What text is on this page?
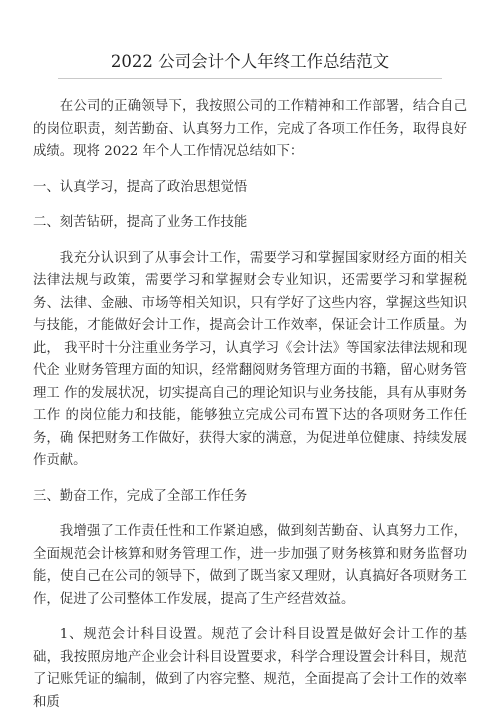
2022 公司会计个人年终工作总结范文

在公司的正确领导下，我按照公司的工作精神和工作部署，结合自己的岗位职责，刻苦勤奋、认真努力工作，完成了各项工作任务，取得良好 成绩。现将 2022 年个人工作情况总结如下：

一、认真学习，提高了政治思想觉悟

二、刻苦钻研，提高了业务工作技能

我充分认识到了从事会计工作，需要学习和掌握国家财经方面的相关法律法规与政策，需要学习和掌握财会专业知识，还需要学习和掌握税务、法律、金融、市场等相关知识，只有学好了这些内容，掌握这些知识与技能，才能做好会计工作，提高会计工作效率，保证会计工作质量。为此， 我平时十分注重业务学习，认真学习《会计法》等国家法律法规和现代企 业财务管理方面的知识，经常翻阅财务管理方面的书籍，留心财务管理工 作的发展状况，切实提高自己的理论知识与业务技能，具有从事财务工作 的岗位能力和技能，能够独立完成公司布置下达的各项财务工作任务，确 保把财务工作做好，获得大家的满意，为促进单位健康、持续发展作贡献。

三、勤奋工作，完成了全部工作任务

我增强了工作责任性和工作紧迫感，做到刻苦勤奋、认真努力工作，全面规范会计核算和财务管理工作，进一步加强了财务核算和财务监督功能，使自己在公司的领导下，做到了既当家又理财，认真搞好各项财务工作，促进了公司整体工作发展，提高了生产经营效益。

1、规范会计科目设置。规范了会计科目设置是做好会计工作的基础，我按照房地产企业会计科目设置要求，科学合理设置会计科目，规范了记账凭证的编制，做到了内容完整、规范，全面提高了会计工作的效率和质
